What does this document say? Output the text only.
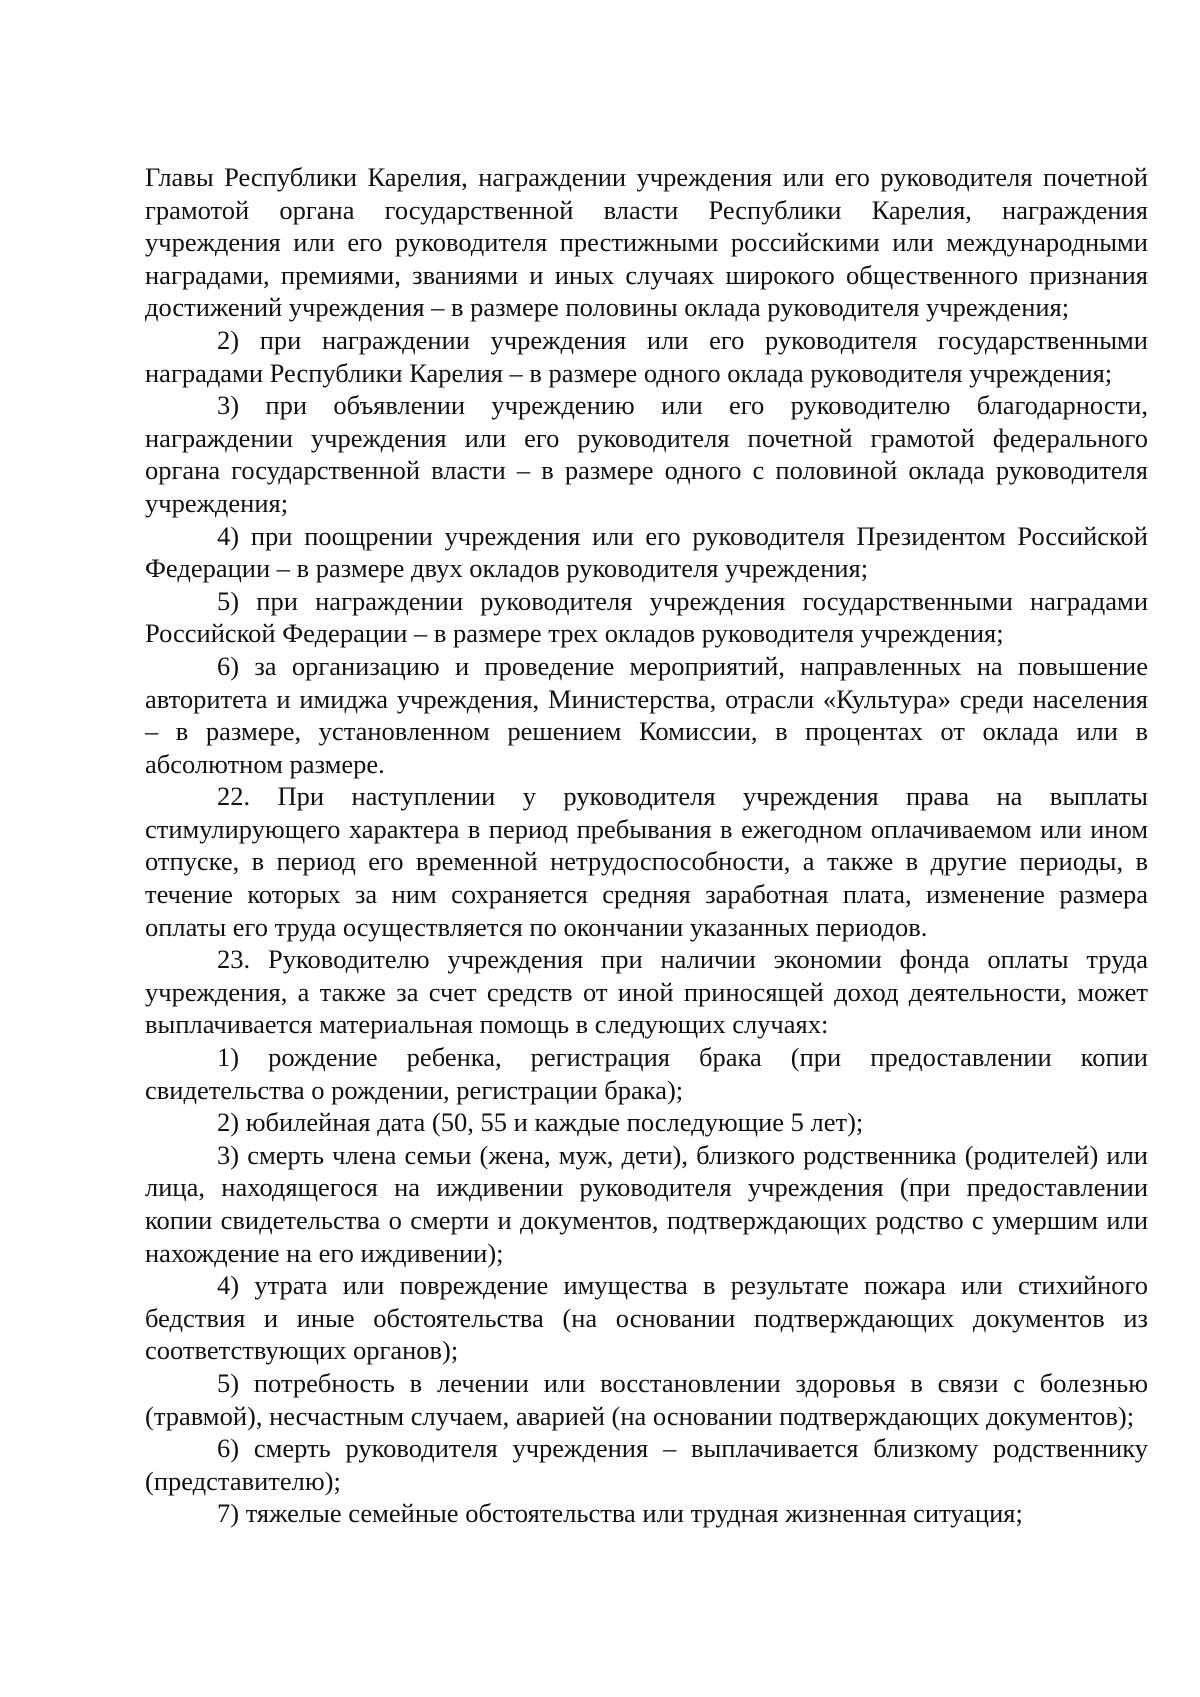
Главы Республики Карелия, награждении учреждения или его руководителя почетной грамотой органа государственной власти Республики Карелия, награждения учреждения или его руководителя престижными российскими или международными наградами, премиями, званиями и иных случаях широкого общественного признания достижений учреждения – в размере половины оклада руководителя учреждения;

2) при награждении учреждения или его руководителя государственными наградами Республики Карелия – в размере одного оклада руководителя учреждения;

3) при объявлении учреждению или его руководителю благодарности, награждении учреждения или его руководителя почетной грамотой федерального органа государственной власти – в размере одного с половиной оклада руководителя учреждения;

4) при поощрении учреждения или его руководителя Президентом Российской Федерации – в размере двух окладов руководителя учреждения;

5) при награждении руководителя учреждения государственными наградами Российской Федерации – в размере трех окладов руководителя учреждения;

6) за организацию и проведение мероприятий, направленных на повышение авторитета и имиджа учреждения, Министерства, отрасли «Культура» среди населения – в размере, установленном решением Комиссии, в процентах от оклада или в абсолютном размере.

22. При наступлении у руководителя учреждения права на выплаты стимулирующего характера в период пребывания в ежегодном оплачиваемом или ином отпуске, в период его временной нетрудоспособности, а также в другие периоды, в течение которых за ним сохраняется средняя заработная плата, изменение размера оплаты его труда осуществляется по окончании указанных периодов.

23. Руководителю учреждения при наличии экономии фонда оплаты труда учреждения, а также за счет средств от иной приносящей доход деятельности, может выплачивается материальная помощь в следующих случаях:

1) рождение ребенка, регистрация брака (при предоставлении копии свидетельства о рождении, регистрации брака);

2) юбилейная дата (50, 55 и каждые последующие 5 лет);

3) смерть члена семьи (жена, муж, дети), близкого родственника (родителей) или лица, находящегося на иждивении руководителя учреждения (при предоставлении копии свидетельства о смерти и документов, подтверждающих родство с умершим или нахождение на его иждивении);

4) утрата или повреждение имущества в результате пожара или стихийного бедствия и иные обстоятельства (на основании подтверждающих документов из соответствующих органов);

5) потребность в лечении или восстановлении здоровья в связи с болезнью (травмой), несчастным случаем, аварией (на основании подтверждающих документов);

6) смерть руководителя учреждения – выплачивается близкому родственнику (представителю);

7) тяжелые семейные обстоятельства или трудная жизненная ситуация;
